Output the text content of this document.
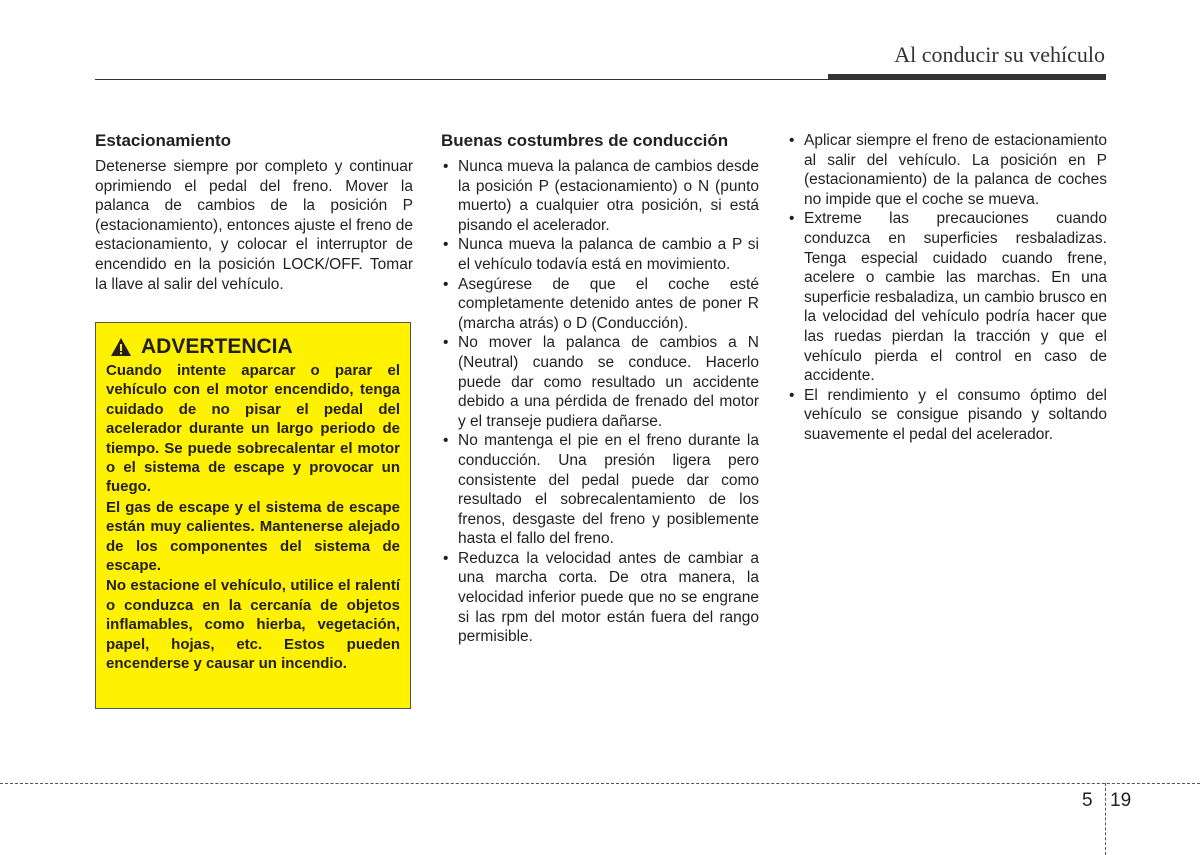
Al conducir su vehículo
Estacionamiento

Detenerse siempre por completo y continuar oprimiendo el pedal del freno. Mover la palanca de cambios de la posición P (estacionamiento), entonces ajuste el freno de estacionamiento, y colocar el interruptor de encendido en la posición LOCK/OFF. Tomar la llave al salir del vehículo.

ADVERTENCIA

Cuando intente aparcar o parar el vehículo con el motor encendido, tenga cuidado de no pisar el pedal del acelerador durante un largo periodo de tiempo. Se puede sobrecalentar el motor o el sistema de escape y provocar un fuego.

El gas de escape y el sistema de escape están muy calientes. Mantenerse alejado de los componentes del sistema de escape.

No estacione el vehículo, utilice el ralentí o conduzca en la cercanía de objetos inflamables, como hierba, vegetación, papel, hojas, etc. Estos pueden encenderse y causar un incendio.

Buenas costumbres de conducción
• Nunca mueva la palanca de cambios desde la posición P (estacionamiento) o N (punto muerto) a cualquier otra posición, si está pisando el acelerador.
• Nunca mueva la palanca de cambio a P si el vehículo todavía está en movimiento.
• Asegúrese de que el coche esté completamente detenido antes de poner R (marcha atrás) o D (Conducción).
• No mover la palanca de cambios a N (Neutral) cuando se conduce. Hacerlo puede dar como resultado un accidente debido a una pérdida de frenado del motor y el transeje pudiera dañarse.
• No mantenga el pie en el freno durante la conducción. Una presión ligera pero consistente del pedal puede dar como resultado el sobrecalentamiento de los frenos, desgaste del freno y posiblemente hasta el fallo del freno.
• Reduzca la velocidad antes de cambiar a una marcha corta. De otra manera, la velocidad inferior puede que no se engrane si las rpm del motor están fuera del rango permisible.
• Aplicar siempre el freno de estacionamiento al salir del vehículo. La posición en P (estacionamiento) de la palanca de coches no impide que el coche se mueva.
• Extreme las precauciones cuando conduzca en superficies resbaladizas. Tenga especial cuidado cuando frene, acelere o cambie las marchas. En una superficie resbaladiza, un cambio brusco en la velocidad del vehículo podría hacer que las ruedas pierdan la tracción y que el vehículo pierda el control en caso de accidente.
• El rendimiento y el consumo óptimo del vehículo se consigue pisando y soltando suavemente el pedal del acelerador.
5 19
